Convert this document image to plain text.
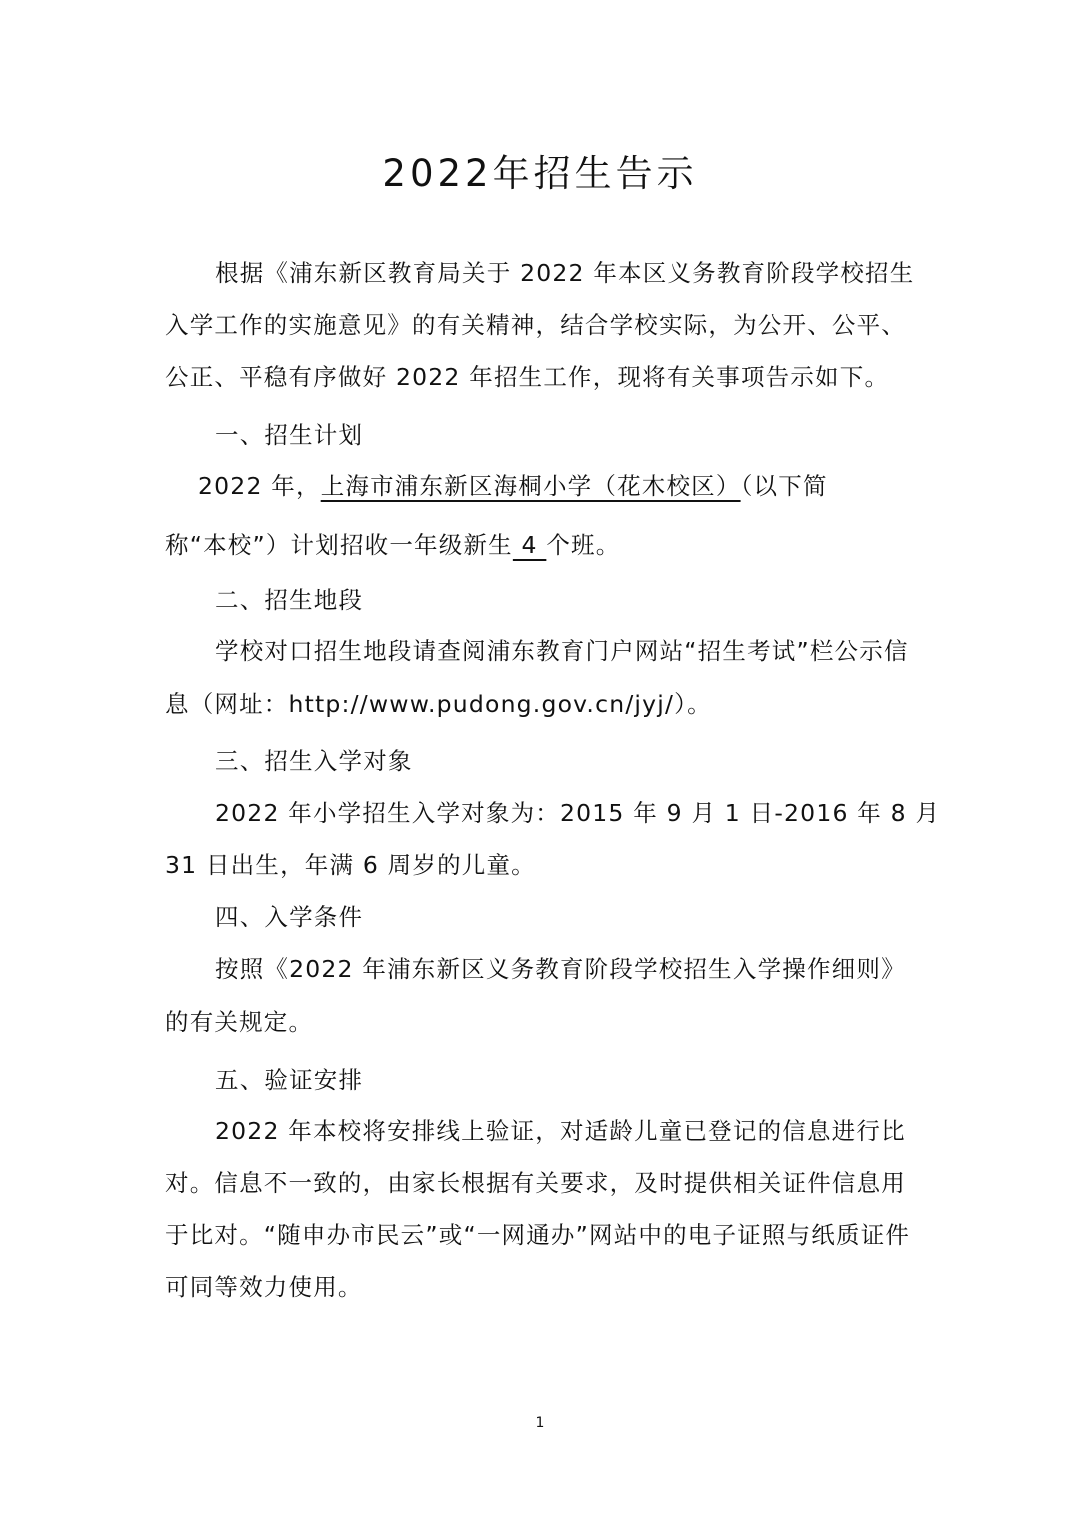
2022年招生告示
根据《浦东新区教育局关于 2022 年本区义务教育阶段学校招生
入学工作的实施意见》的有关精神，结合学校实际，为公开、公平、
公正、平稳有序做好 2022 年招生工作，现将有关事项告示如下。
一、招生计划
2022 年，上海市浦东新区海桐小学（花木校区）（以下简
称“本校”）计划招收一年级新生 4 个班。
二、招生地段
学校对口招生地段请查阅浦东教育门户网站“招生考试”栏公示信
息（网址：http://www.pudong.gov.cn/jyj/）。
三、招生入学对象
2022 年小学招生入学对象为：2015 年 9 月 1 日-2016 年 8 月
31 日出生，年满 6 周岁的儿童。
四、入学条件
按照《2022 年浦东新区义务教育阶段学校招生入学操作细则》
的有关规定。
五、验证安排
2022 年本校将安排线上验证，对适龄儿童已登记的信息进行比
对。信息不一致的，由家长根据有关要求，及时提供相关证件信息用
于比对。“随申办市民云”或“一网通办”网站中的电子证照与纸质证件
可同等效力使用。
1
